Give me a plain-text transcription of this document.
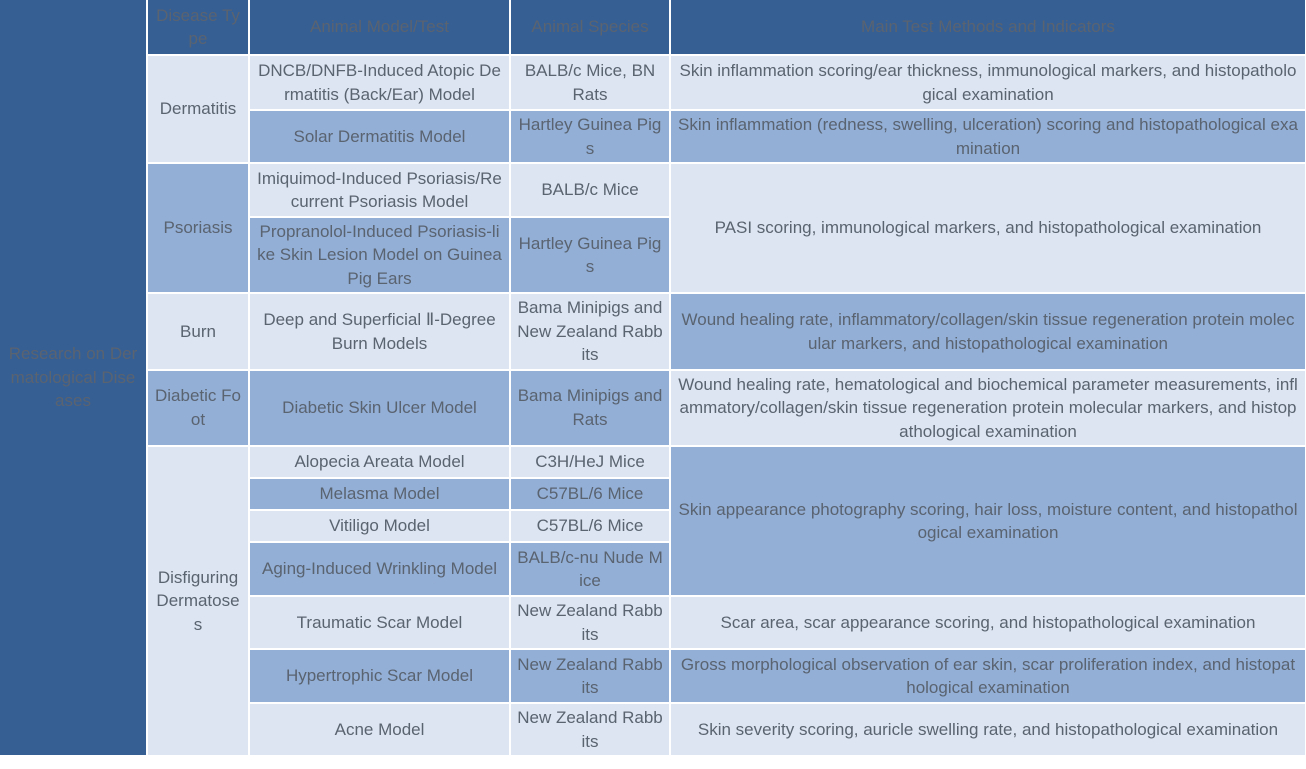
Research on Dermatological Diseases	Disease Type	Animal Model/Test	Animal Species	Main Test Methods and Indicators
	Dermatitis	DNCB/DNFB-Induced Atopic Dermatitis (Back/Ear) Model	BALB/c Mice, BN Rats	Skin inflammation scoring/ear thickness, immunological markers, and histopathological examination
		Solar Dermatitis Model	Hartley Guinea Pigs	Skin inflammation (redness, swelling, ulceration) scoring and histopathological examination
	Psoriasis	Imiquimod-Induced Psoriasis/Recurrent Psoriasis Model	BALB/c Mice	PASI scoring, immunological markers, and histopathological examination
		Propranolol-Induced Psoriasis-like Skin Lesion Model on Guinea Pig Ears	Hartley Guinea Pigs	
	Burn	Deep and Superficial Ⅱ-Degree Burn Models	Bama Minipigs and New Zealand Rabbits	Wound healing rate, inflammatory/collagen/skin tissue regeneration protein molecular markers, and histopathological examination
	Diabetic Foot	Diabetic Skin Ulcer Model	Bama Minipigs and Rats	Wound healing rate, hematological and biochemical parameter measurements, inflammatory/collagen/skin tissue regeneration protein molecular markers, and histopathological examination
	Disfiguring Dermatoses	Alopecia Areata Model	C3H/HeJ Mice	Skin appearance photography scoring, hair loss, moisture content, and histopathological examination
		Melasma Model	C57BL/6 Mice	
		Vitiligo Model	C57BL/6 Mice	
		Aging-Induced Wrinkling Model	BALB/c-nu Nude Mice	
		Traumatic Scar Model	New Zealand Rabbits	Scar area, scar appearance scoring, and histopathological examination
		Hypertrophic Scar Model	New Zealand Rabbits	Gross morphological observation of ear skin, scar proliferation index, and histopathological examination
		Acne Model	New Zealand Rabbits	Skin severity scoring, auricle swelling rate, and histopathological examination
